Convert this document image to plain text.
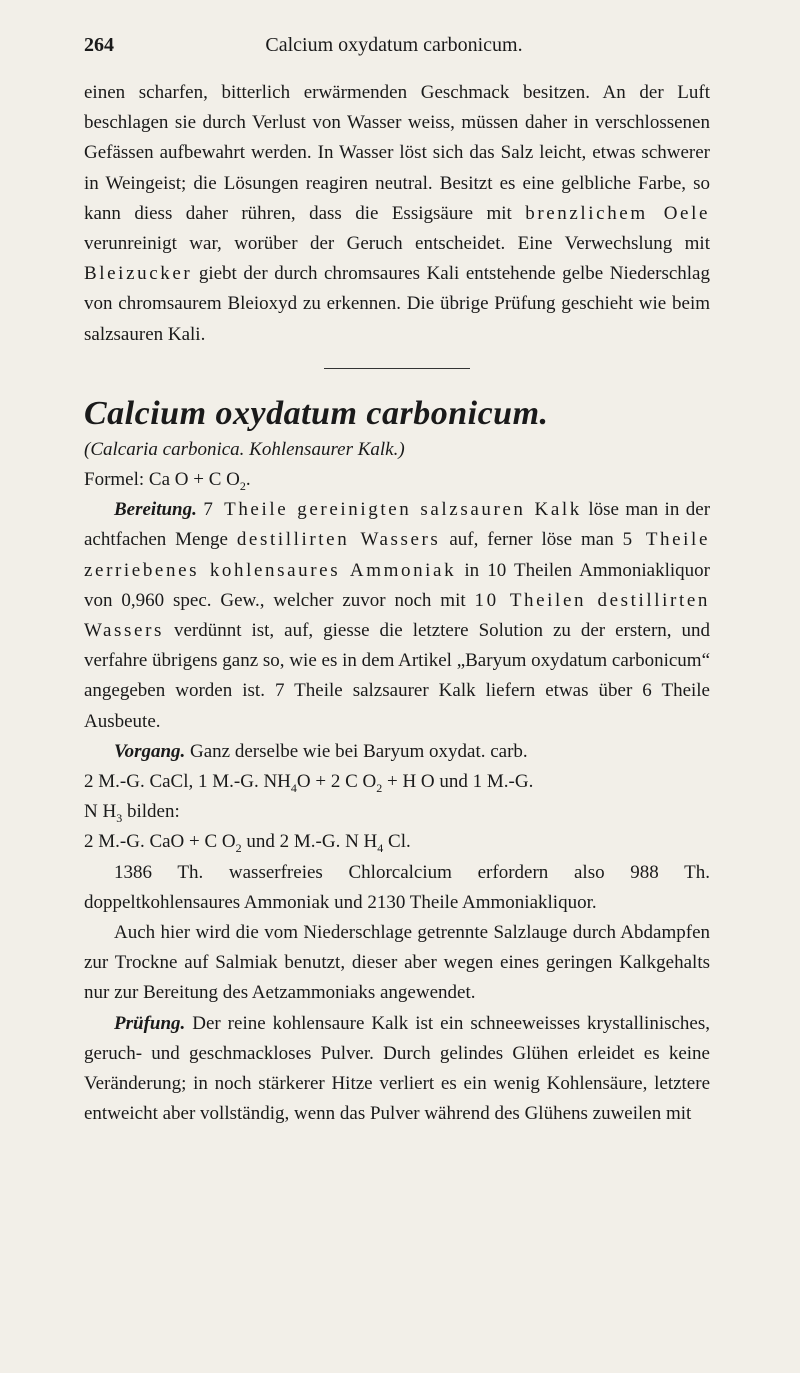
264	Calcium oxydatum carbonicum.

einen scharfen, bitterlich erwärmenden Geschmack besitzen. An der Luft beschlagen sie durch Verlust von Wasser weiss, müssen daher in verschlossenen Gefässen aufbewahrt werden. In Wasser löst sich das Salz leicht, etwas schwerer in Weingeist; die Lösungen reagiren neutral. Besitzt es eine gelbliche Farbe, so kann diess daher rühren, dass die Essigsäure mit brenzlichem Oele verunreinigt war, worüber der Geruch entscheidet. Eine Verwechslung mit Bleizucker giebt der durch chromsaures Kali entstehende gelbe Niederschlag von chromsaurem Bleioxyd zu erkennen. Die übrige Prüfung geschieht wie beim salzsauren Kali.

Calcium oxydatum carbonicum.

(Calcaria carbonica. Kohlensaurer Kalk.)

Formel: Ca O + C $O_2$.

Bereitung. 7 Theile gereinigten salzsauren Kalk löse man in der achtfachen Menge destillirten Wassers auf, ferner löse man 5 Theile zerriebenes kohlensaures Ammoniak in 10 Theilen Ammoniakliquor von 0,960 spec. Gew., welcher zuvor noch mit 10 Theilen destillirten Wassers verdünnt ist, auf, giesse die letztere Solution zu der erstern, und verfahre übrigens ganz so, wie es in dem Artikel „Baryum oxydatum carbonicum“ angegeben worden ist. 7 Theile salzsaurer Kalk liefern etwas über 6 Theile Ausbeute.

Vorgang. Ganz derselbe wie bei Baryum oxydat. carb.

2 M.-G. CaCl, 1 M.-G. $NH_4O + 2$ C $O_2 + H$ O und 1 M.-G.

N $H_3$ bilden:

2 M.-G. CaO + C $O_2$ und 2 M.-G. N $H_4$ Cl.

1386 Th. wasserfreies Chlorcalcium erfordern also 988 Th. doppeltkohlensaures Ammoniak und 2130 Theile Ammoniakliquor.

Auch hier wird die vom Niederschlage getrennte Salzlauge durch Abdampfen zur Trockne auf Salmiak benutzt, dieser aber wegen eines geringen Kalkgehalts nur zur Bereitung des Aetzammoniaks angewendet.

Prüfung. Der reine kohlensaure Kalk ist ein schneeweisses krystallinisches, geruch- und geschmackloses Pulver. Durch gelindes Glühen erleidet es keine Veränderung; in noch stärkerer Hitze verliert es ein wenig Kohlensäure, letztere entweicht aber vollständig, wenn das Pulver während des Glühens zuweilen mit
